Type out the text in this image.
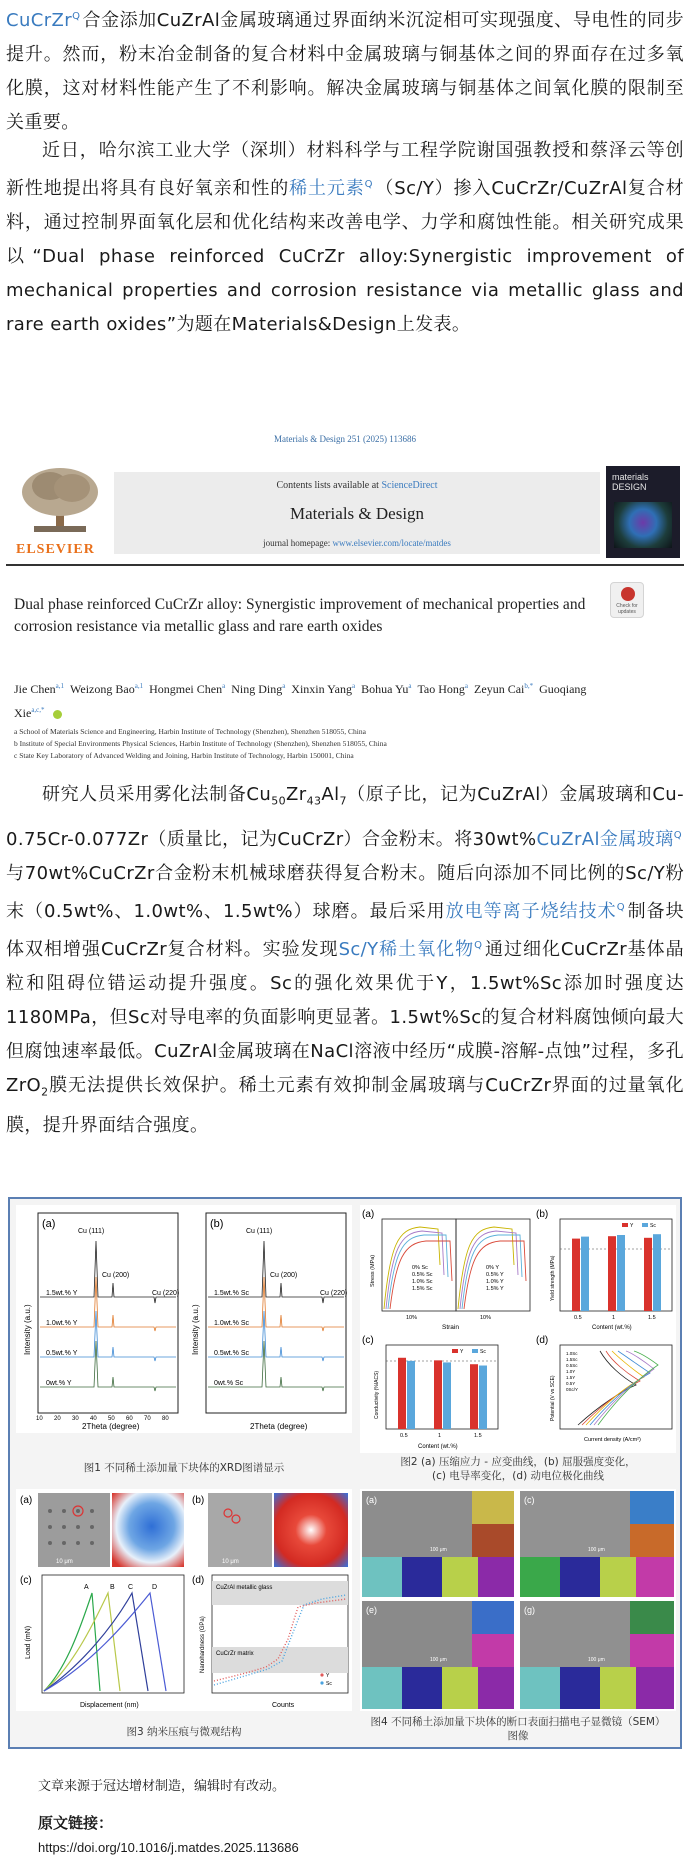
CuCrZr$^Q$ 合金添加CuZrAl金属玻璃通过界面纳米沉淀相可实现强度、导电性的同步提升。然而，粉末冶金制备的复合材料中金属玻璃与铜基体之间的界面存在过多氧化膜，这对材料性能产生了不利影响。解决金属玻璃与铜基体之间氧化膜的限制至关重要。

近日，哈尔滨工业大学（深圳）材料科学与工程学院谢国强教授和蔡泽云等创新性地提出将具有良好氧亲和性的稀土元素$^Q$ （Sc/Y）掺入CuCrZr/CuZrAl复合材料，通过控制界面氧化层和优化结构来改善电学、力学和腐蚀性能。相关研究成果以“Dual phase reinforced CuCrZr alloy:Synergistic improvement of mechanical properties and corrosion resistance via metallic glass and rare earth oxides”为题在Materials&Design上发表。

Materials & Design 251 (2025) 113686
ELSEVIER
Contents lists available at ScienceDirect
Materials & Design
journal homepage: www.elsevier.com/locate/matdes
materials DESIGN
Check for updates
Dual phase reinforced CuCrZr alloy: Synergistic improvement of mechanical properties and corrosion resistance via metallic glass and rare earth oxides
Jie Chen$^{a,1}$ Weizong Bao$^{a,1}$ Hongmei Chen$^a$ Ning Ding$^a$ Xinxin Yang$^a$ Bohua Yu$^a$ Tao Hong$^a$ Zeyun Cai$^{b,*}$ Guoqiang Xie$^{a,c,*}$
a School of Materials Science and Engineering, Harbin Institute of Technology (Shenzhen), Shenzhen 518055, China
b Institute of Special Environments Physical Sciences, Harbin Institute of Technology (Shenzhen), Shenzhen 518055, China
c State Key Laboratory of Advanced Welding and Joining, Harbin Institute of Technology, Harbin 150001, China

研究人员采用雾化法制备$Cu_{50}Zr_{43}Al_7$（原子比，记为CuZrAl）金属玻璃和Cu-0.75Cr-0.077Zr（质量比，记为CuCrZr）合金粉末。将30wt%CuZrAl金属玻璃$^Q$与70wt%CuCrZr合金粉末机械球磨获得复合粉末。随后向添加不同比例的Sc/Y粉末（0.5wt%、1.0wt%、1.5wt%）球磨。最后采用放电等离子烧结技术$^Q$ 制备块体双相增强CuCrZr复合材料。实验发现Sc/Y稀土氧化物$^Q$ 通过细化CuCrZr基体晶粒和阻碍位错运动提升强度。Sc的强化效果优于Y，1.5wt%Sc添加时强度达1180MPa，但Sc对导电率的负面影响更显著。1.5wt%Sc的复合材料腐蚀倾向最大但腐蚀速率最低。CuZrAl金属玻璃在NaCl溶液中经历“成膜-溶解-点蚀”过程，多孔ZrO$_2$膜无法提供长效保护。稀土元素有效抑制金属玻璃与CuCrZr界面的过量氧化膜，提升界面结合强度。

(a)
Cu (111)
Cu (200)
Cu (220)
1.5wt.% Y
1.0wt.% Y
0.5wt.% Y
0wt.% Y
Intensity (a.u.)
2Theta (degree)
10 20 30 40 50 60 70 80
(b)
Cu (111)
Cu (200)
Cu (220)
1.5wt.% Sc
1.0wt.% Sc
0.5wt.% Sc
0wt.% Sc
Intensity (a.u.)
2Theta (degree)
图1 不同稀土添加量下块体的XRD图谱显示
(a)
0% Sc
0.5% Sc
1.0% Sc
1.5% Sc
0% Y
0.5% Y
1.0% Y
1.5% Y
10%	10%
Strain
Stress (MPa)
(b)
Y	Sc
0.5	1	1.5
Content (wt.%)
Yield strength (MPa)
(c)
Y	Sc
0.5	1	1.5
Content (wt.%)
Conductivity (%IACS)
(d)
1.0Sc
1.5Sc
0.5Sc
1.0Y
1.5Y
0.5Y
0Sc/Y
Current density (A/cm²)
Potential (V vs SCE)
图2 (a) 压缩应力 - 应变曲线，(b) 屈服强度变化，
(c) 电导率变化，(d) 动电位极化曲线
(a)
10 μm
(b)
10 μm
(c)
A	B C	D
Displacement (nm)
Load (mN)
(d)
CuZrAl metallic glass
CuCrZr matrix
Y
Sc
Counts
Nanohardness (GPa)
图3 纳米压痕与微观结构
(a)
100 μm
(c)
100 μm
(e)
100 μm
(g)
100 μm
图4 不同稀土添加量下块体的断口表面扫描电子显微镜（SEM）
图像
文章来源于冠达增材制造，编辑时有改动。
原文链接：
https://doi.org/10.1016/j.matdes.2025.113686
